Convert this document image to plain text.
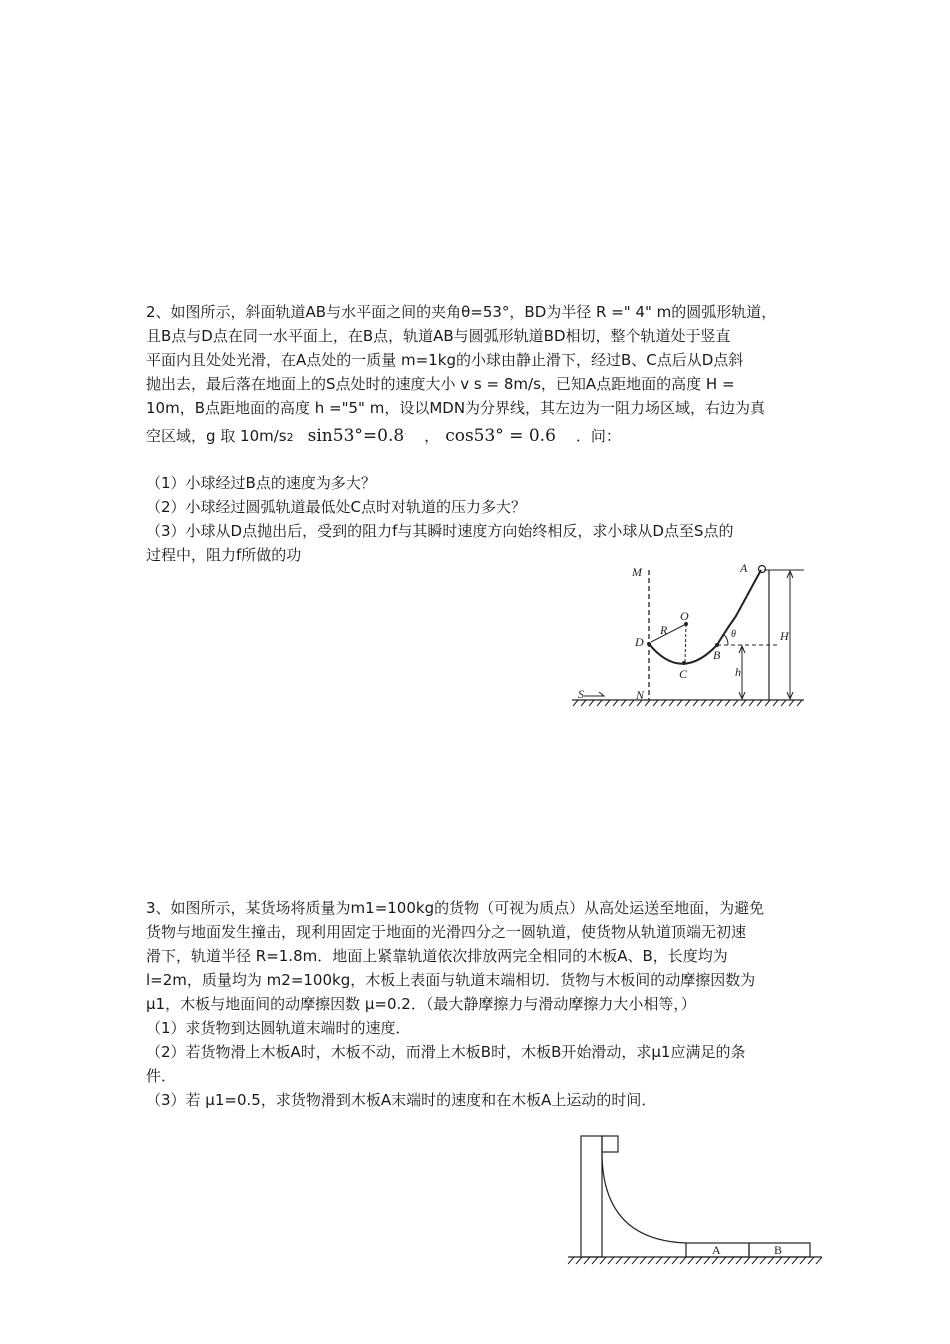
2、如图所示，斜面轨道AB与水平面之间的夹角θ=53°，BD为半径 R =" 4" m的圆弧形轨道，

且B点与D点在同一水平面上，在B点，轨道AB与圆弧形轨道BD相切，整个轨道处于竖直

平面内且处处光滑，在A点处的一质量 m=1kg的小球由静止滑下，经过B、C点后从D点斜

抛出去，最后落在地面上的S点处时的速度大小 v s = 8m/s，已知A点距地面的高度 H =

10m，B点距地面的高度 h ="5" m，设以MDN为分界线，其左边为一阻力场区域，右边为真

空区域，g 取 10m/s2 sin53°=0.8 ， cos53° = 0.6 ．问：

（1）小球经过B点的速度为多大？

（2）小球经过圆弧轨道最低处C点时对轨道的压力多大？

（3）小球从D点抛出后，受到的阻力f与其瞬时速度方向始终相反，求小球从D点至S点的

过程中，阻力f所做的功

M	A
O
R	θ
D
B
H
C	h
S	N

3、如图所示，某货场将质量为m1=100kg的货物（可视为质点）从高处运送至地面，为避免

货物与地面发生撞击，现利用固定于地面的光滑四分之一圆轨道，使货物从轨道顶端无初速

滑下，轨道半径 R=1.8m．地面上紧靠轨道依次排放两完全相同的木板A、B，长度均为

l=2m，质量均为 m2=100kg，木板上表面与轨道末端相切．货物与木板间的动摩擦因数为

μ1，木板与地面间的动摩擦因数 μ=0.2．（最大静摩擦力与滑动摩擦力大小相等，）

（1）求货物到达圆轨道末端时的速度．

（2）若货物滑上木板A时，木板不动，而滑上木板B时，木板B开始滑动，求μ1应满足的条

件．

（3）若 μ1=0.5，求货物滑到木板A末端时的速度和在木板A上运动的时间．

A	B
